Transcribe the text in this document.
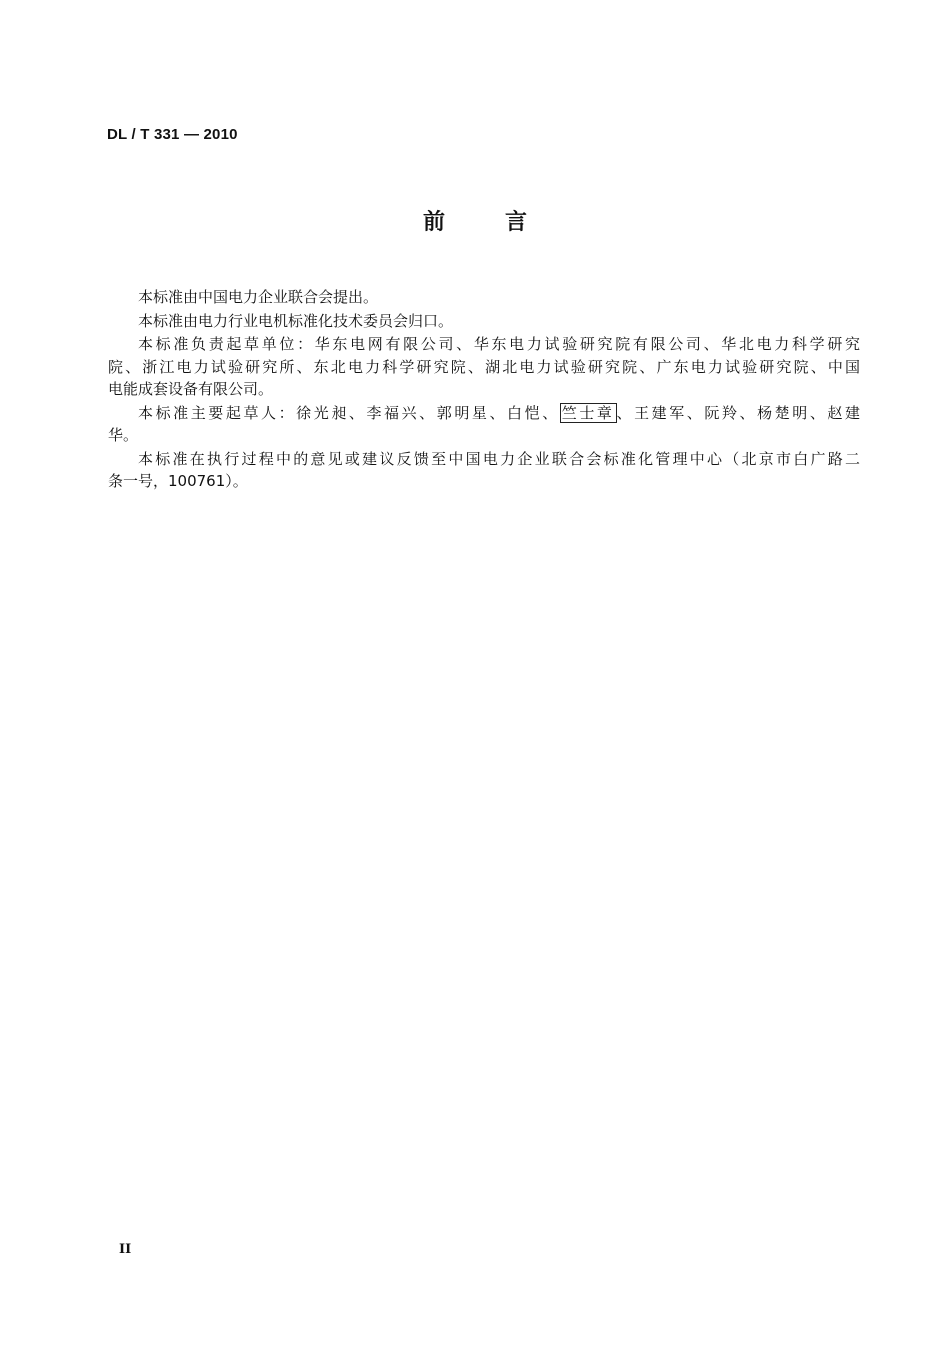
DL / T 331 — 2010
前言

本标准由中国电力企业联合会提出。

本标准由电力行业电机标准化技术委员会归口。

本标准负责起草单位：华东电网有限公司、华东电力试验研究院有限公司、华北电力科学研究
院、浙江电力试验研究所、东北电力科学研究院、湖北电力试验研究院、广东电力试验研究院、中国
电能成套设备有限公司。

本标准主要起草人：徐光昶、李福兴、郭明星、白恺、 竺士章 、王建军、阮羚、杨楚明、赵建
华。

本标准在执行过程中的意见或建议反馈至中国电力企业联合会标准化管理中心（北京市白广路二
条一号，100761）。

II
